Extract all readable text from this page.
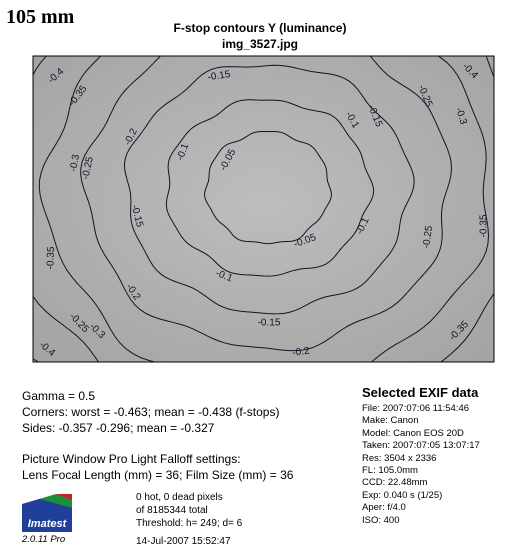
105 mm	F-stop contours Y (luminance)
img_3527.jpg
-0.05
-0.05
-0.1
-0.1
-0.1
-0.1
-0.15
-0.15
-0.15
-0.15
-0.2
-0.2
-0.2
-0.25
-0.25
-0.25
-0.25
-0.3
-0.3
-0.3
-0.35
-0.35
-0.35
-0.35
-0.4	-0.4
-0.4
Gamma = 0.5
Corners: worst = -0.463; mean = -0.438 (f-stops)
Sides: -0.357 -0.296; mean = -0.327
Picture Window Pro Light Falloff settings:
Lens Focal Length (mm) = 36; Film Size (mm) = 36
Selected EXIF data
File: 2007:07:06 11:54:46
Make: Canon
Model: Canon EOS 20D
Taken: 2007:07:05 13:07:17
Res: 3504 x 2336
FL: 105.0mm
CCD: 22.48mm
Exp: 0.040 s (1/25)
Aper: f/4.0
ISO: 400
Imatest
2.0.11 Pro
0 hot, 0 dead pixels
of 8185344 total
Threshold: h= 249; d= 6
14-Jul-2007 15:52:47
